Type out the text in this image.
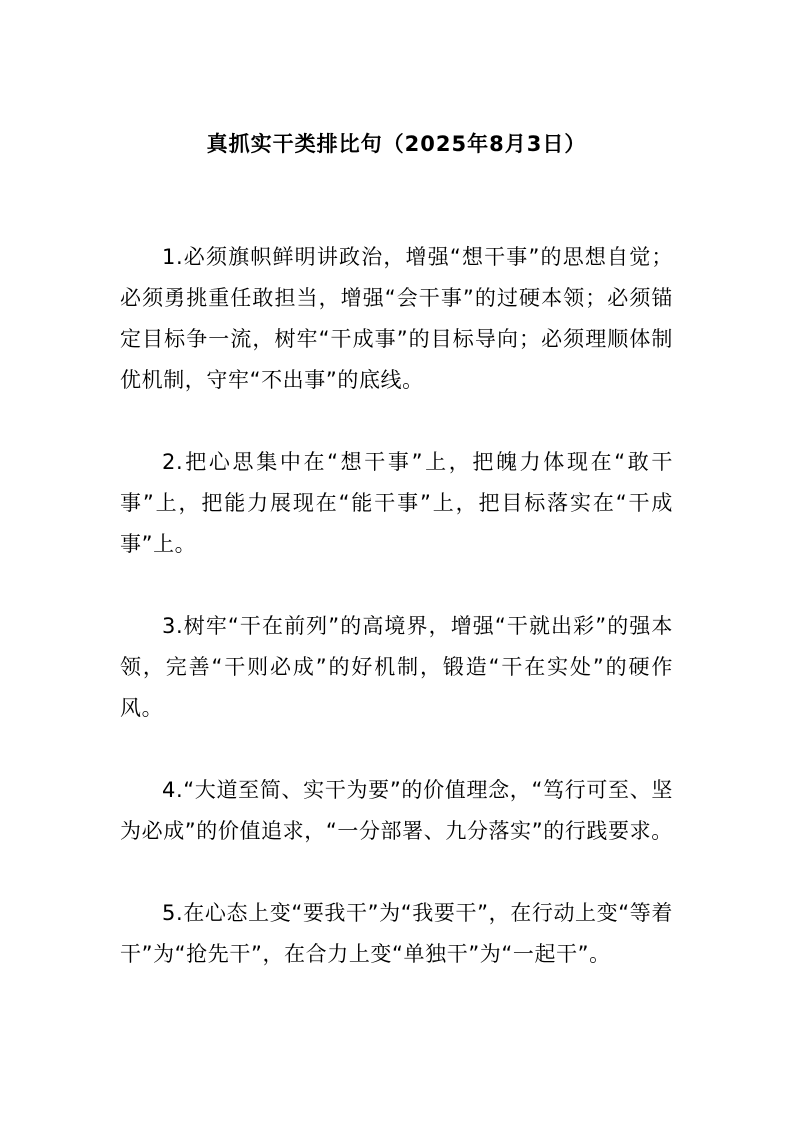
真抓实干类排比句（2025年8月3日）

1.必须旗帜鲜明讲政治，增强“想干事”的思想自觉；必须勇挑重任敢担当，增强“会干事”的过硬本领；必须锚定目标争一流，树牢“干成事”的目标导向；必须理顺体制优机制，守牢“不出事”的底线。

2.把心思集中在“想干事”上，把魄力体现在“敢干事”上，把能力展现在“能干事”上，把目标落实在“干成事”上。

3.树牢“干在前列”的高境界，增强“干就出彩”的强本领，完善“干则必成”的好机制，锻造“干在实处”的硬作风。

4.“大道至简、实干为要”的价值理念，“笃行可至、坚为必成”的价值追求，“一分部署、九分落实”的行践要求。

5.在心态上变“要我干”为“我要干”，在行动上变“等着干”为“抢先干”，在合力上变“单独干”为“一起干”。
